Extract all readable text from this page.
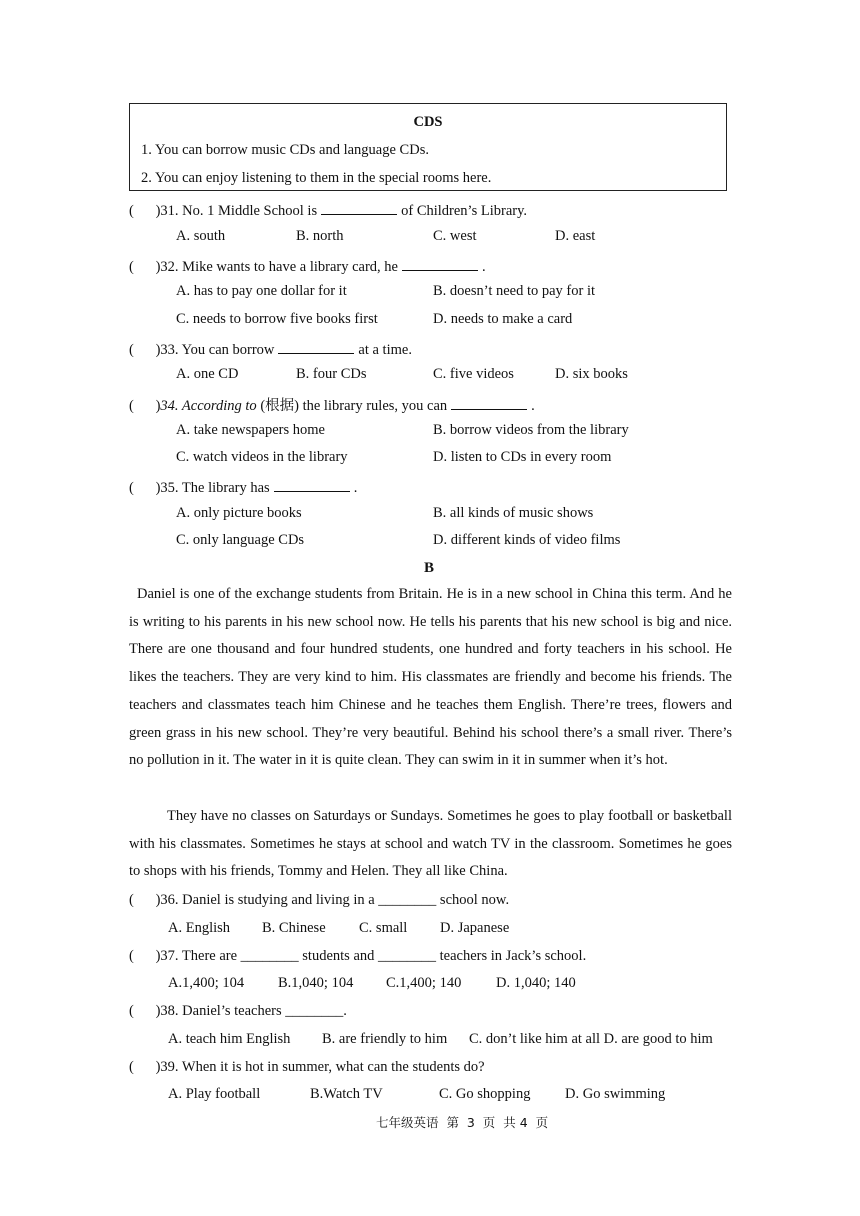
CDS
1. You can borrow music CDs and language CDs.
2. You can enjoy listening to them in the special rooms here.
(      )31. No. 1 Middle School is	of Children’s Library.
A. south	B. north	C. west	D. east
(      )32. Mike wants to have a library card, he	.
A. has to pay one dollar for it	B. doesn’t need to pay for it
C. needs to borrow five books first	D. needs to make a card
(      )33. You can borrow	at a time.
A. one CD	B. four CDs	C. five videos	D. six books
(      )34. According to (根据) the library rules, you can	.
A. take newspapers home	B. borrow videos from the library
C. watch videos in the library	D. listen to CDs in every room
(      )35. The library has	.
A. only picture books	B. all kinds of music shows
C. only language CDs	D. different kinds of video films
B
Daniel is one of the exchange students from Britain. He is in a new school in China this term. And he is writing to his parents in his new school now. He tells his parents that his new school is big and nice. There are one thousand and four hundred students, one hundred and forty teachers in his school. He likes the teachers. They are very kind to him. His classmates are friendly and become his friends. The teachers and classmates teach him Chinese and he teaches them English. There’re trees, flowers and green grass in his new school. They’re very beautiful. Behind his school there’s a small river. There’s no pollution in it. The water in it is quite clean. They can swim in it in summer when it’s hot.
They have no classes on Saturdays or Sundays. Sometimes he goes to play football or basketball with his classmates. Sometimes he stays at school and watch TV in the classroom. Sometimes he goes to shops with his friends, Tommy and Helen. They all like China.
(      )36. Daniel is studying and living in a ________ school now.
A. English B. Chinese C. small D. Japanese
(      )37. There are ________ students and ________ teachers in Jack’s school.
A.1,400; 104 B.1,040; 104 C.1,400; 140 D. 1,040; 140
(      )38. Daniel’s teachers ________.
A. teach him English B. are friendly to him C. don’t like him at all D. are good to him
(      )39. When it is hot in summer, what can the students do?
A. Play football	B.Watch TV	C. Go shopping D. Go swimming
七年级英语  第  3  页  共 4  页
